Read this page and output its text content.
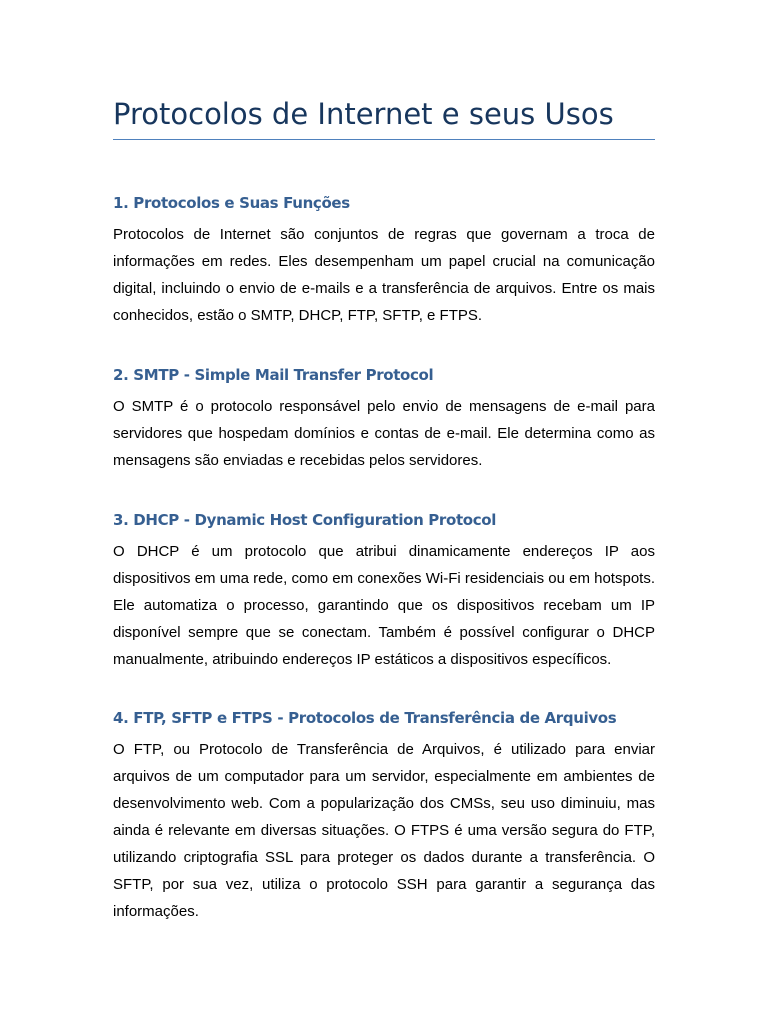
Protocolos de Internet e seus Usos
1. Protocolos e Suas Funções

Protocolos de Internet são conjuntos de regras que governam a troca de informações em redes. Eles desempenham um papel crucial na comunicação digital, incluindo o envio de e-mails e a transferência de arquivos. Entre os mais conhecidos, estão o SMTP, DHCP, FTP, SFTP, e FTPS.

2. SMTP - Simple Mail Transfer Protocol

O SMTP é o protocolo responsável pelo envio de mensagens de e-mail para servidores que hospedam domínios e contas de e-mail. Ele determina como as mensagens são enviadas e recebidas pelos servidores.

3. DHCP - Dynamic Host Configuration Protocol

O DHCP é um protocolo que atribui dinamicamente endereços IP aos dispositivos em uma rede, como em conexões Wi-Fi residenciais ou em hotspots. Ele automatiza o processo, garantindo que os dispositivos recebam um IP disponível sempre que se conectam. Também é possível configurar o DHCP manualmente, atribuindo endereços IP estáticos a dispositivos específicos.

4. FTP, SFTP e FTPS - Protocolos de Transferência de Arquivos

O FTP, ou Protocolo de Transferência de Arquivos, é utilizado para enviar arquivos de um computador para um servidor, especialmente em ambientes de desenvolvimento web. Com a popularização dos CMSs, seu uso diminuiu, mas ainda é relevante em diversas situações. O FTPS é uma versão segura do FTP, utilizando criptografia SSL para proteger os dados durante a transferência. O SFTP, por sua vez, utiliza o protocolo SSH para garantir a segurança das informações.
